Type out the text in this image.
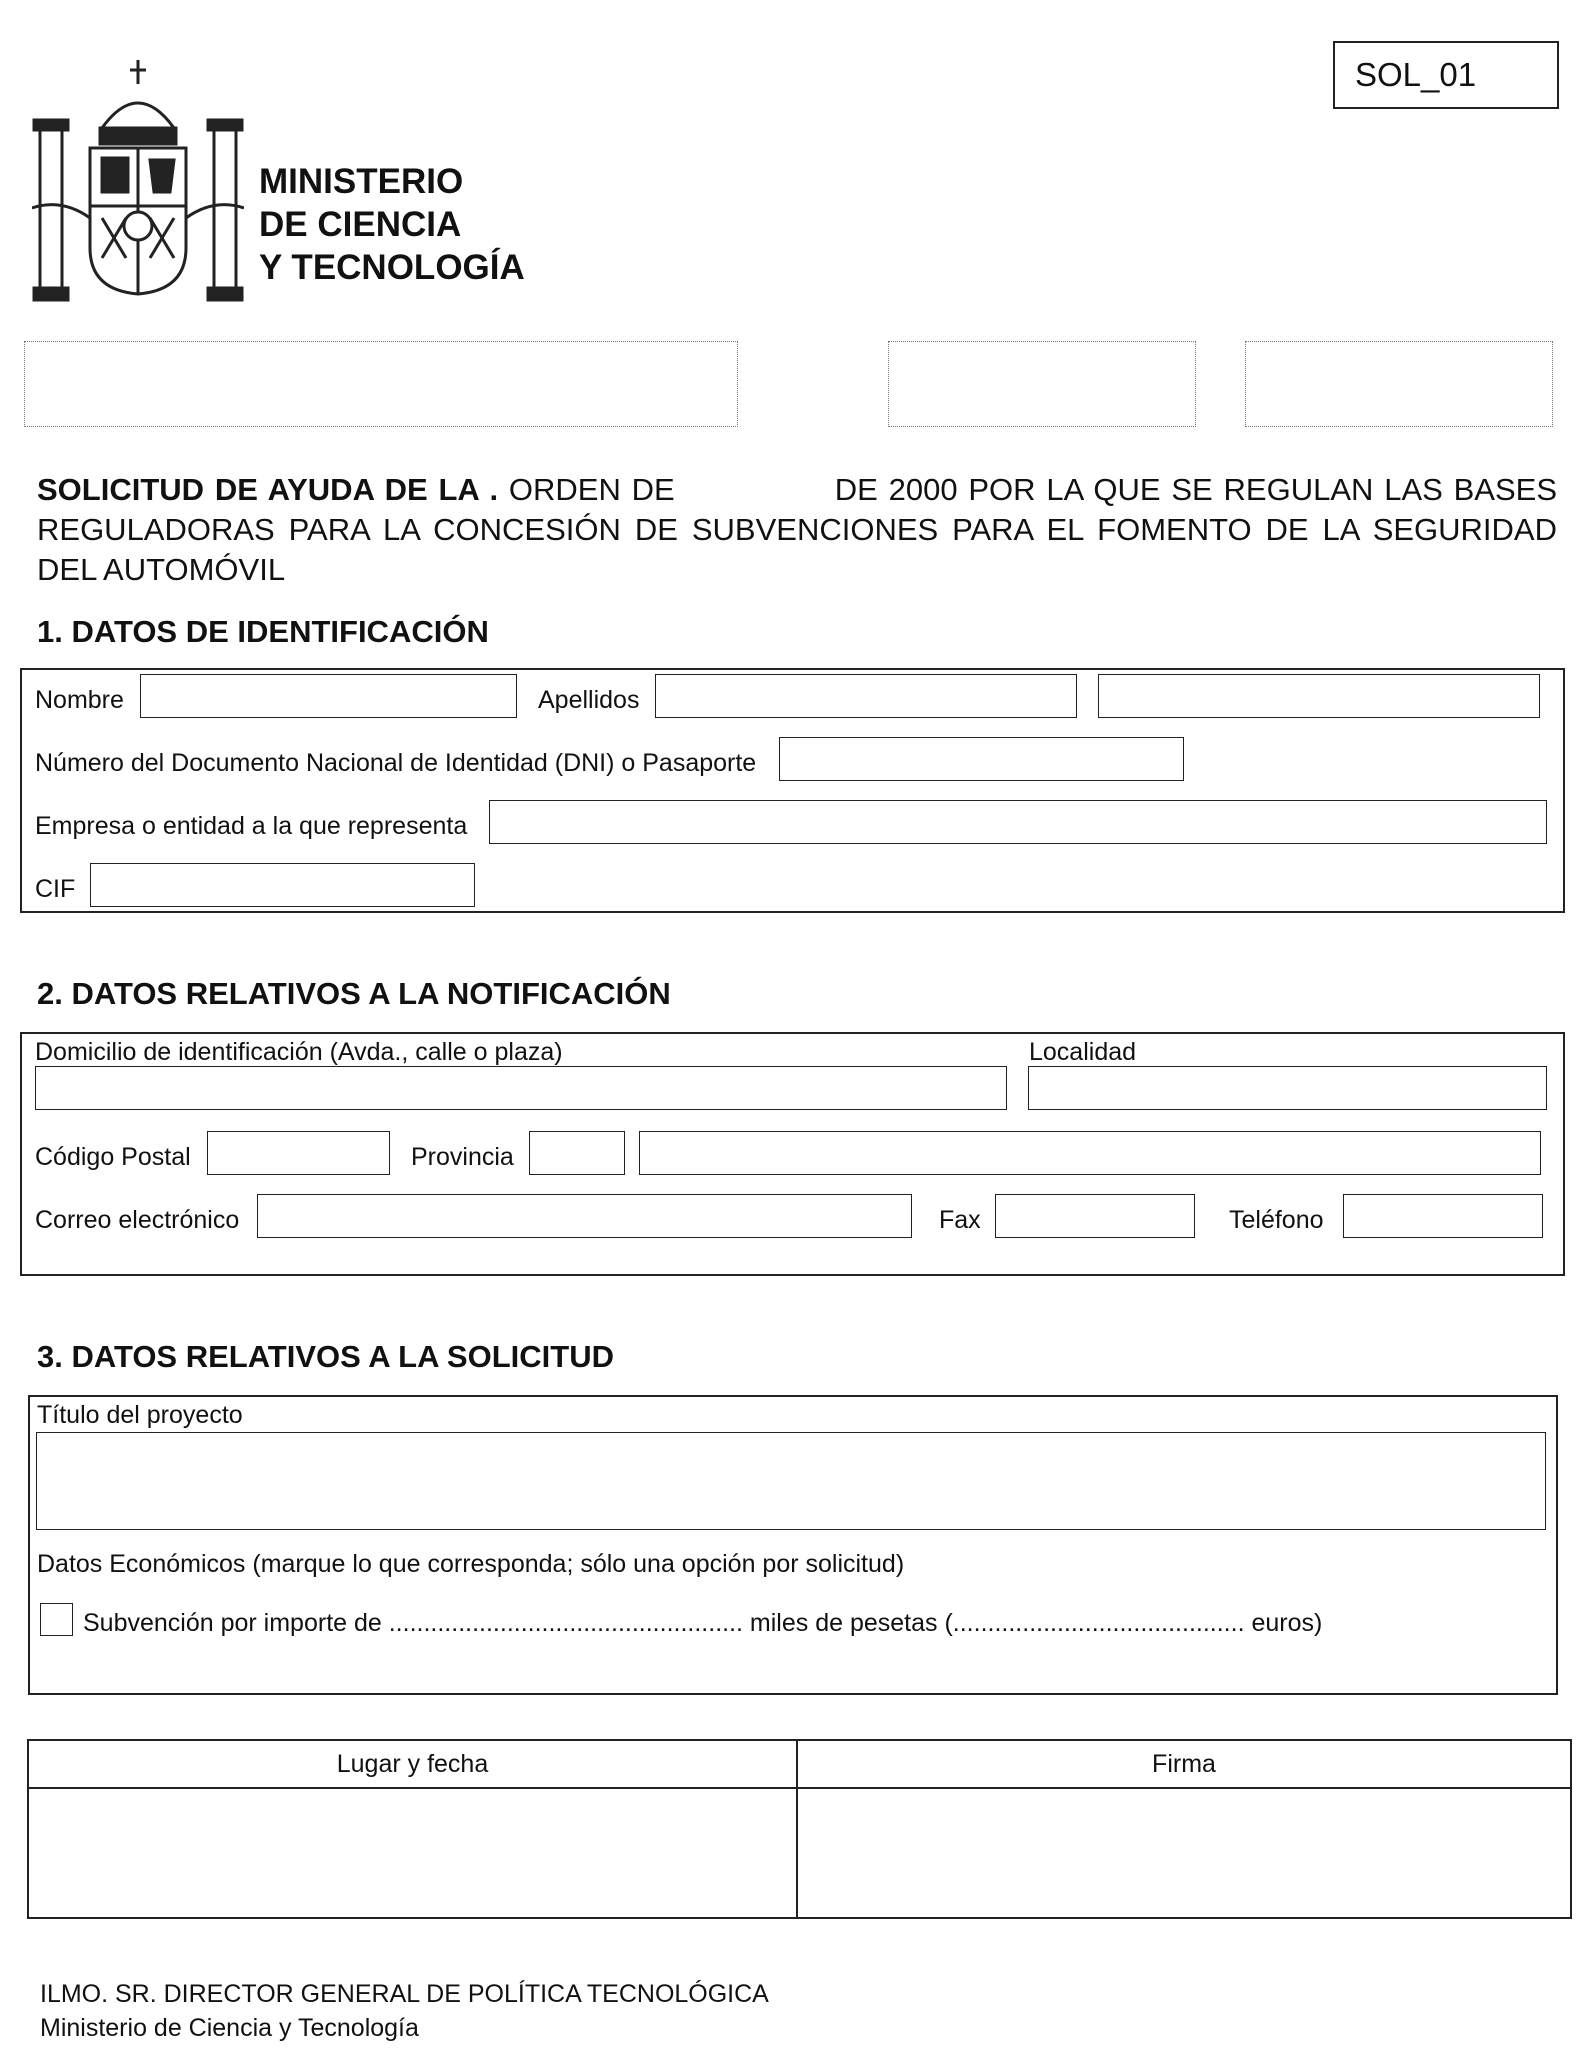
MINISTERIO
DE CIENCIA
Y TECNOLOGÍA
SOL_01
SOLICITUD DE AYUDA DE LA . ORDEN DE	DE 2000 POR LA QUE SE REGULAN LAS BASES REGULADORAS PARA LA CONCESIÓN DE SUBVENCIONES PARA EL FOMENTO DE LA SEGURIDAD DEL AUTOMÓVIL
1. DATOS DE IDENTIFICACIÓN
Nombre	Apellidos
Número del Documento Nacional de Identidad (DNI) o Pasaporte
Empresa o entidad a la que representa
CIF
2. DATOS RELATIVOS A LA NOTIFICACIÓN
Domicilio de identificación (Avda., calle o plaza)	Localidad
Código Postal	Provincia
Correo electrónico	Fax	Teléfono
3. DATOS RELATIVOS A LA SOLICITUD
Título del proyecto
Datos Económicos (marque lo que corresponda; sólo una opción por solicitud)
Subvención por importe de ................................................... miles de pesetas (.......................................... euros)
Lugar y fecha	Firma
ILMO. SR. DIRECTOR GENERAL DE POLÍTICA TECNOLÓGICA
Ministerio de Ciencia y Tecnología
